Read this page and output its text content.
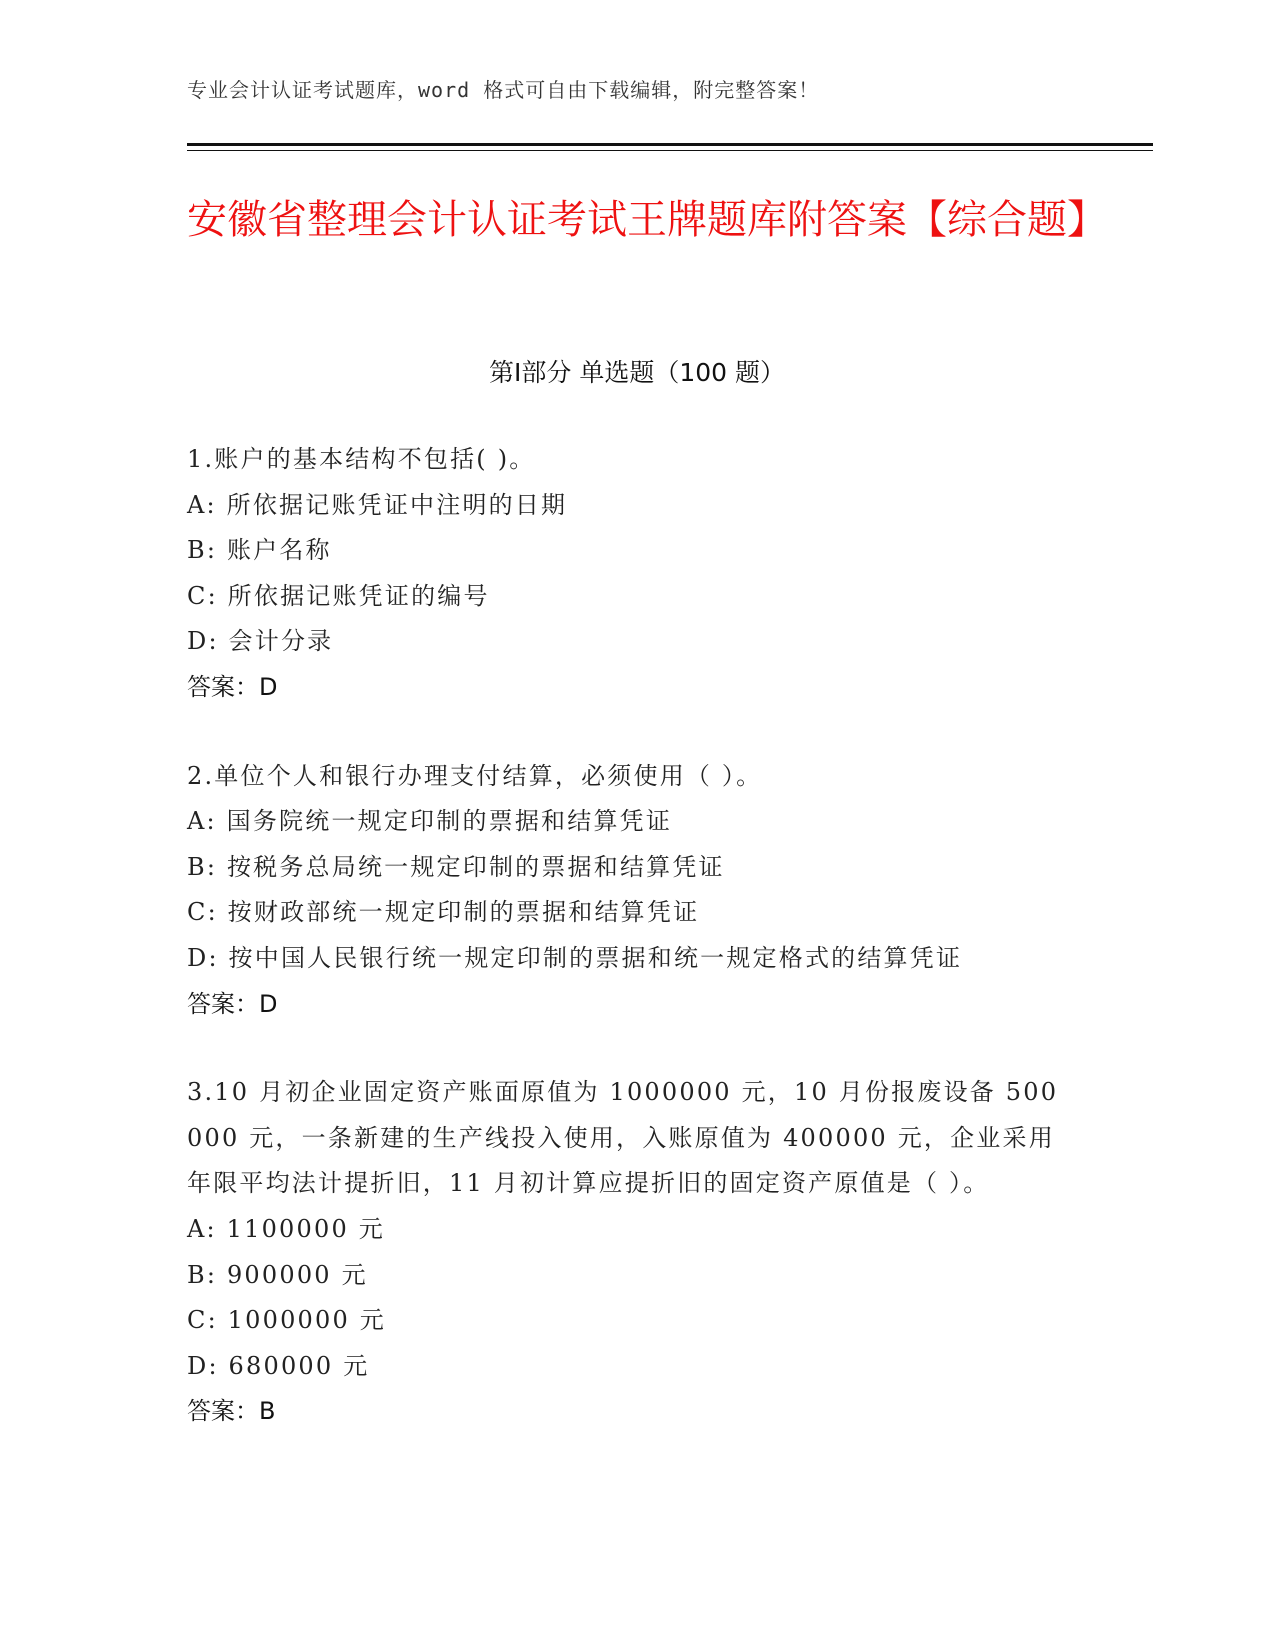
专业会计认证考试题库，word 格式可自由下载编辑，附完整答案！
安徽省整理会计认证考试王牌题库附答案【综合题】
第Ⅰ部分 单选题（100 题）
1.账户的基本结构不包括( )。
A: 所依据记账凭证中注明的日期
B: 账户名称
C: 所依据记账凭证的编号
D: 会计分录
答案：D
2.单位个人和银行办理支付结算，必须使用（ ）。
A: 国务院统一规定印制的票据和结算凭证
B: 按税务总局统一规定印制的票据和结算凭证
C: 按财政部统一规定印制的票据和结算凭证
D: 按中国人民银行统一规定印制的票据和统一规定格式的结算凭证
答案：D
3.10 月初企业固定资产账面原值为 1000000 元，10 月份报废设备 500000 元，一条新建的生产线投入使用，入账原值为 400000 元，企业采用年限平均法计提折旧，11 月初计算应提折旧的固定资产原值是（ ）。
A: 1100000 元
B: 900000 元
C: 1000000 元
D: 680000 元
答案：B
